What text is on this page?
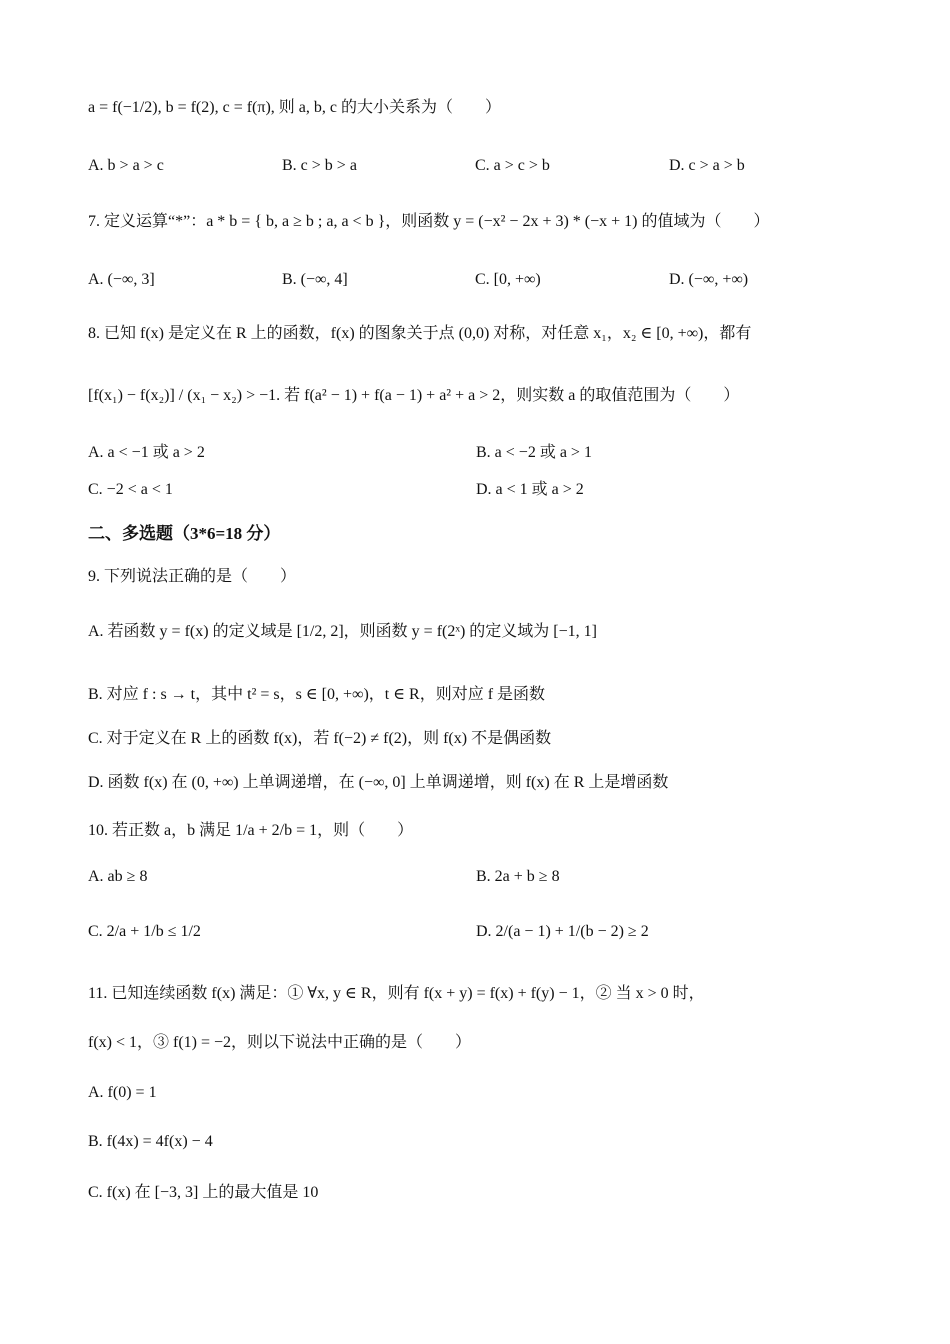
a = f(−1/2), b = f(2), c = f(π), 则 a, b, c 的大小关系为（　　）
A. b > a > c	B. c > b > a	C. a > c > b	D. c > a > b
7. 定义运算“*”：a * b = { b, a ≥ b ; a, a < b }，则函数 y = (−x² − 2x + 3) * (−x + 1) 的值域为（　　）
A. (−∞, 3]	B. (−∞, 4]	C. [0, +∞)	D. (−∞, +∞)
8. 已知 f(x) 是定义在 R 上的函数，f(x) 的图象关于点 (0,0) 对称，对任意 x₁，x₂ ∈ [0, +∞)，都有
[f(x₁) − f(x₂)] / (x₁ − x₂) > −1. 若 f(a² − 1) + f(a − 1) + a² + a > 2，则实数 a 的取值范围为（　　）
A. a < −1 或 a > 2	B. a < −2 或 a > 1
C. −2 < a < 1	D. a < 1 或 a > 2
二、多选题（3*6=18 分）
9. 下列说法正确的是（　　）
A. 若函数 y = f(x) 的定义域是 [1/2, 2]，则函数 y = f(2ˣ) 的定义域为 [−1, 1]
B. 对应 f : s → t，其中 t² = s，s ∈ [0, +∞)，t ∈ R，则对应 f 是函数
C. 对于定义在 R 上的函数 f(x)，若 f(−2) ≠ f(2)，则 f(x) 不是偶函数
D. 函数 f(x) 在 (0, +∞) 上单调递增，在 (−∞, 0] 上单调递增，则 f(x) 在 R 上是增函数
10. 若正数 a，b 满足 1/a + 2/b = 1，则（　　）
A. ab ≥ 8	B. 2a + b ≥ 8
C. 2/a + 1/b ≤ 1/2	D. 2/(a − 1) + 1/(b − 2) ≥ 2
11. 已知连续函数 f(x) 满足：① ∀x, y ∈ R，则有 f(x + y) = f(x) + f(y) − 1，② 当 x > 0 时，
f(x) < 1，③ f(1) = −2，则以下说法中正确的是（　　）
A. f(0) = 1
B. f(4x) = 4f(x) − 4
C. f(x) 在 [−3, 3] 上的最大值是 10
